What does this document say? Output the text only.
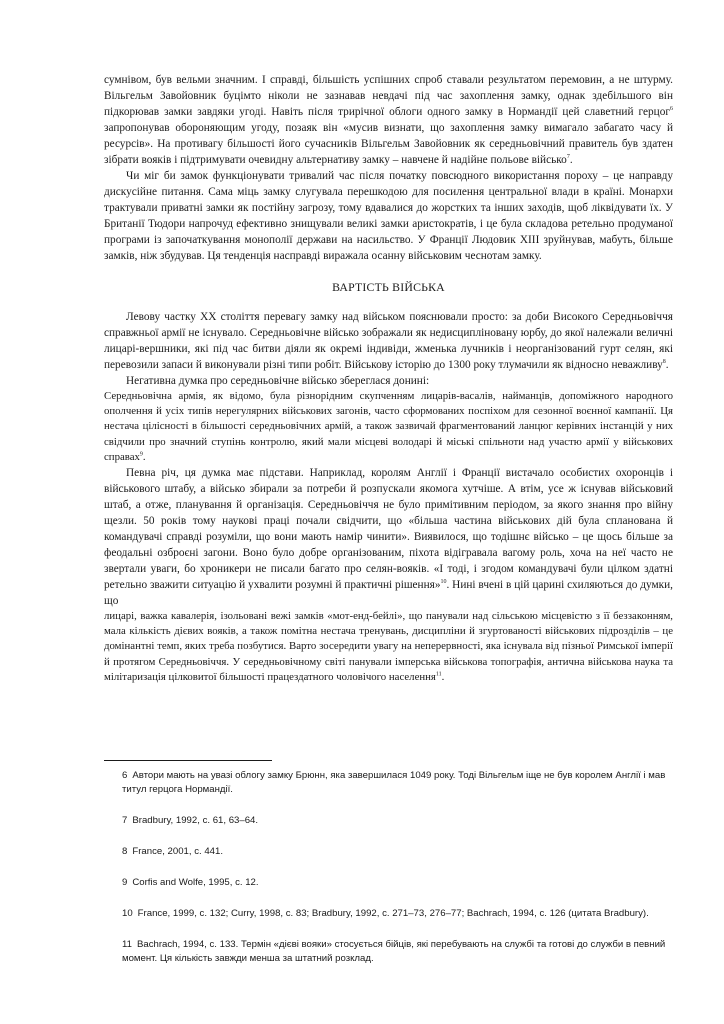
сумнівом, був вельми значним. І справді, більшість успішних спроб ставали результатом перемовин, а не штурму. Вільгельм Завойовник буцімто ніколи не зазнавав невдачі під час захоплення замку, однак здебільшого він підкорював замки завдяки угоді. Навіть після трирічної облоги одного замку в Нормандії цей славетний герцог$^6$ запропонував обороняющим угоду, позаяк він «мусив визнати, що захоплення замку вимагало забагато часу й ресурсів». На противагу більшості його сучасників Вільгельм Завойовник як середньовічний правитель був здатен зібрати вояків і підтримувати очевидну альтернативу замку – навчене й надійне польове військо$^7$.

Чи міг би замок функціонувати тривалий час після початку повсюдного використання пороху – це направду дискусійне питання. Сама міць замку слугувала перешкодою для посилення центральної влади в країні. Монархи трактували приватні замки як постійну загрозу, тому вдавалися до жорстких та інших заходів, щоб ліквідувати їх. У Британії Тюдори напрочуд ефективно знищували великі замки аристократів, і це була складова ретельно продуманої програми із започаткування монополії держави на насильство. У Франції Людовик XIII зруйнував, мабуть, більше замків, ніж збудував. Ця тенденція насправді виражала осанну військовим чеснотам замку.

ВАРТІСТЬ ВІЙСЬКА

Левову частку XX століття перевагу замку над військом пояснювали просто: за доби Високого Середньовіччя справжньої армії не існувало. Середньовічне військо зображали як недисципліновану юрбу, до якої належали величні лицарі-вершники, які під час битви діяли як окремі індивіди, жменька лучників і неорганізований гурт селян, які перевозили запаси й виконували різні типи робіт. Військову історію до 1300 року тлумачили як відносно неважливу$^8$.

Негативна думка про середньовічне військо збереглася донині:

Середньовічна армія, як відомо, була різнорідним скупченням лицарів-васалів, найманців, допоміжного народного ополчення й усіх типів нерегулярних військових загонів, часто сформованих поспіхом для сезонної воєнної кампанії. Ця нестача цілісності в більшості середньовічних армій, а також зазвичай фрагментований ланцюг керівних інстанцій у них свідчили про значний ступінь контролю, який мали місцеві володарі й міські спільноти над участю армії у військових справах$^9$.

Певна річ, ця думка має підстави. Наприклад, королям Англії і Франції вистачало особистих охоронців і військового штабу, а військо збирали за потреби й розпускали якомога хутчіше. А втім, усе ж існував військовий штаб, а отже, планування й організація. Середньовіччя не було примітивним періодом, за якого знання про війну щезли. 50 років тому наукові праці почали свідчити, що «більша частина військових дій була спланована й командувачі справді розуміли, що вони мають намір чинити». Виявилося, що тодішнє військо – це щось більше за феодальні озброєні загони. Воно було добре організованим, піхота відігравала вагому роль, хоча на неї часто не звертали уваги, бо хроникери не писали багато про селян-вояків. «І тоді, і згодом командувачі були цілком здатні ретельно зважити ситуацію й ухвалити розумні й практичні рішення»$^{10}$. Нині вчені в цій царині схиляються до думки, що

лицарі, важка кавалерія, ізольовані вежі замків «мот-енд-бейлі», що панували над сільською місцевістю з її беззаконням, мала кількість дієвих вояків, а також помітна нестача тренувань, дисципліни й згуртованості військових підрозділів – це домінантні темп, яких треба позбутися. Варто зосередити увагу на неперервності, яка існувала від пізньої Римської імперії й протягом Середньовіччя. У середньовічному світі панували імперська військова топографія, антична військова наука та мілітаризація цілковитої більшості працездатного чоловічого населення$^{11}$.

6 Автори мають на увазі облогу замку Брюнн, яка завершилася 1049 року. Тоді Вільгельм іще не був королем Англії і мав титул герцога Нормандії.

7 Bradbury, 1992, с. 61, 63–64.

8 France, 2001, с. 441.

9 Corfis and Wolfe, 1995, с. 12.

10 France, 1999, с. 132; Curry, 1998, с. 83; Bradbury, 1992, с. 271–73, 276–77; Bachrach, 1994, с. 126 (цитата Bradbury).

11 Bachrach, 1994, с. 133. Термін «дієві вояки» стосується бійців, які перебувають на службі та готові до служби в певний момент. Ця кількість завжди менша за штатний розклад.
